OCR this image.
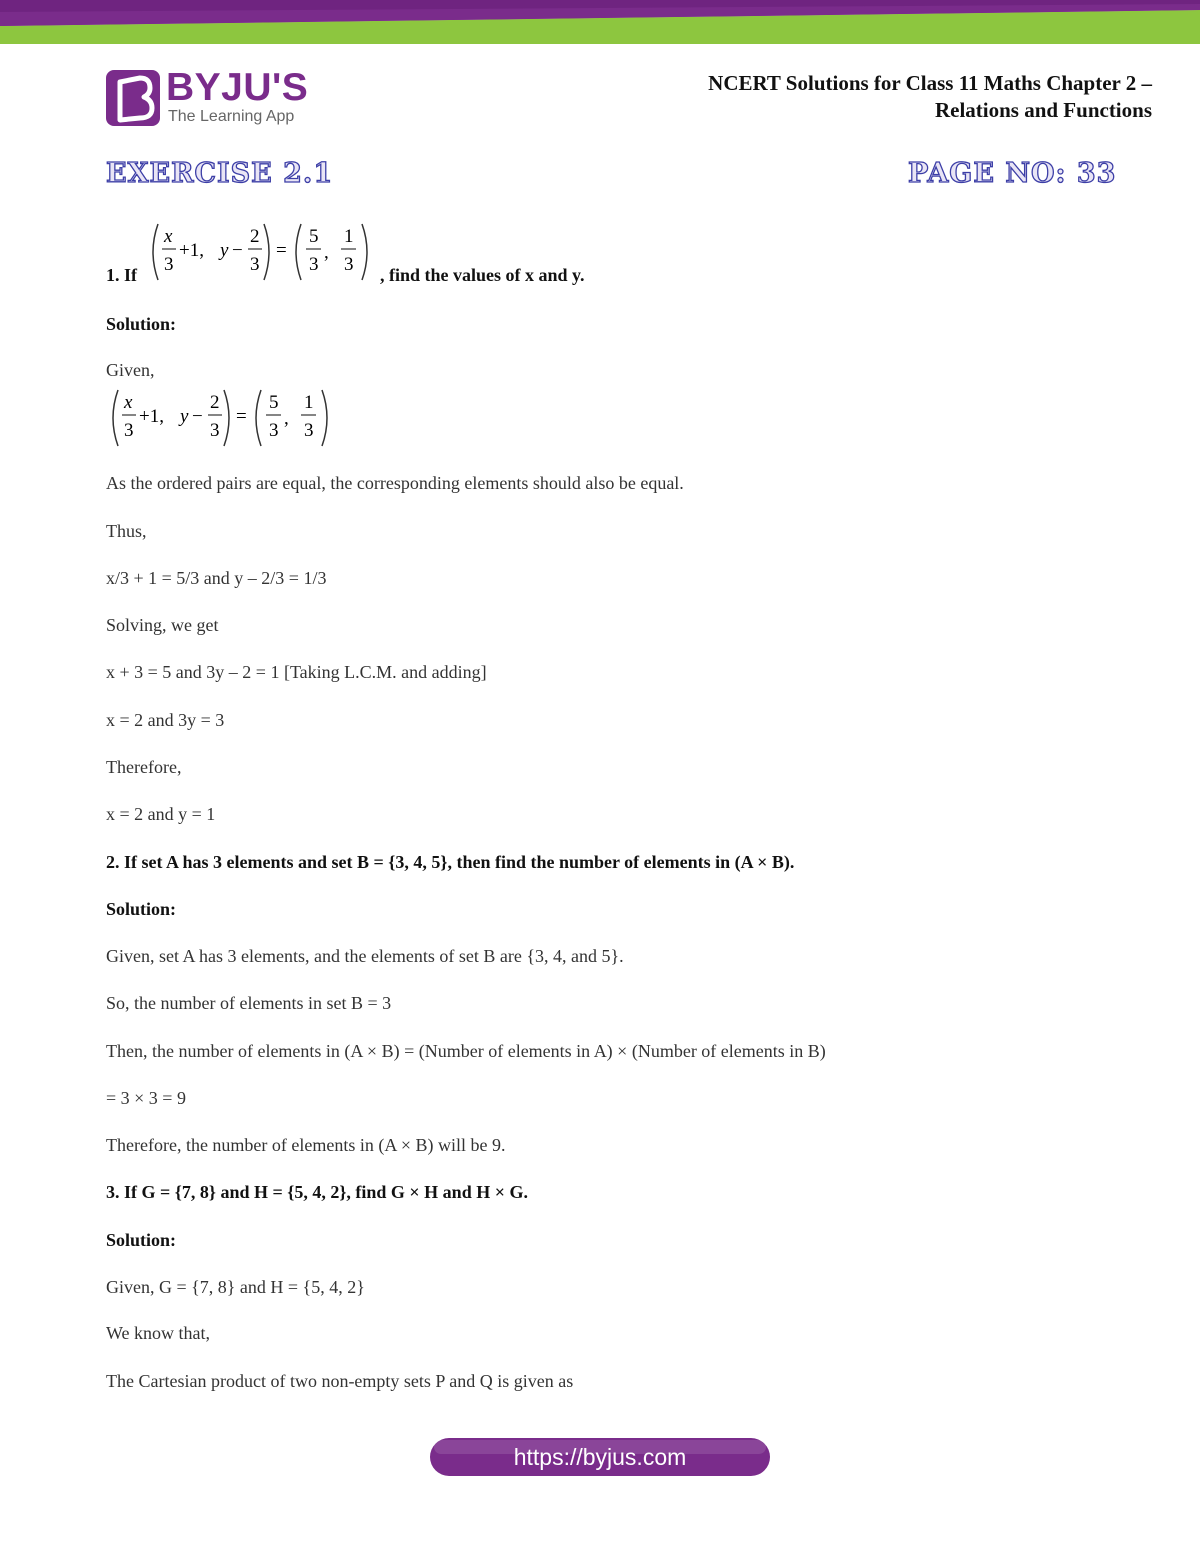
BYJU'S
The Learning App
NCERT Solutions for Class 11 Maths Chapter 2 –
Relations and Functions
EXERCISE 2.1	PAGE NO: 33
1. If
x
3
+1, y −
2
3
=
5
3
,
1
3 , find the values of x and y.
Solution:
Given,
x
3
+1, y −
2
3
=
5
3
,
1
3
As the ordered pairs are equal, the corresponding elements should also be equal.
Thus,
x/3 + 1 = 5/3 and y – 2/3 = 1/3
Solving, we get
x + 3 = 5 and 3y – 2 = 1 [Taking L.C.M. and adding]
x = 2 and 3y = 3
Therefore,
x = 2 and y = 1
2. If set A has 3 elements and set B = {3, 4, 5}, then find the number of elements in (A × B).
Solution:
Given, set A has 3 elements, and the elements of set B are {3, 4, and 5}.
So, the number of elements in set B = 3
Then, the number of elements in (A × B) = (Number of elements in A) × (Number of elements in B)
= 3 × 3 = 9
Therefore, the number of elements in (A × B) will be 9.
3. If G = {7, 8} and H = {5, 4, 2}, find G × H and H × G.
Solution:
Given, G = {7, 8} and H = {5, 4, 2}
We know that,
The Cartesian product of two non-empty sets P and Q is given as
https://byjus.com
